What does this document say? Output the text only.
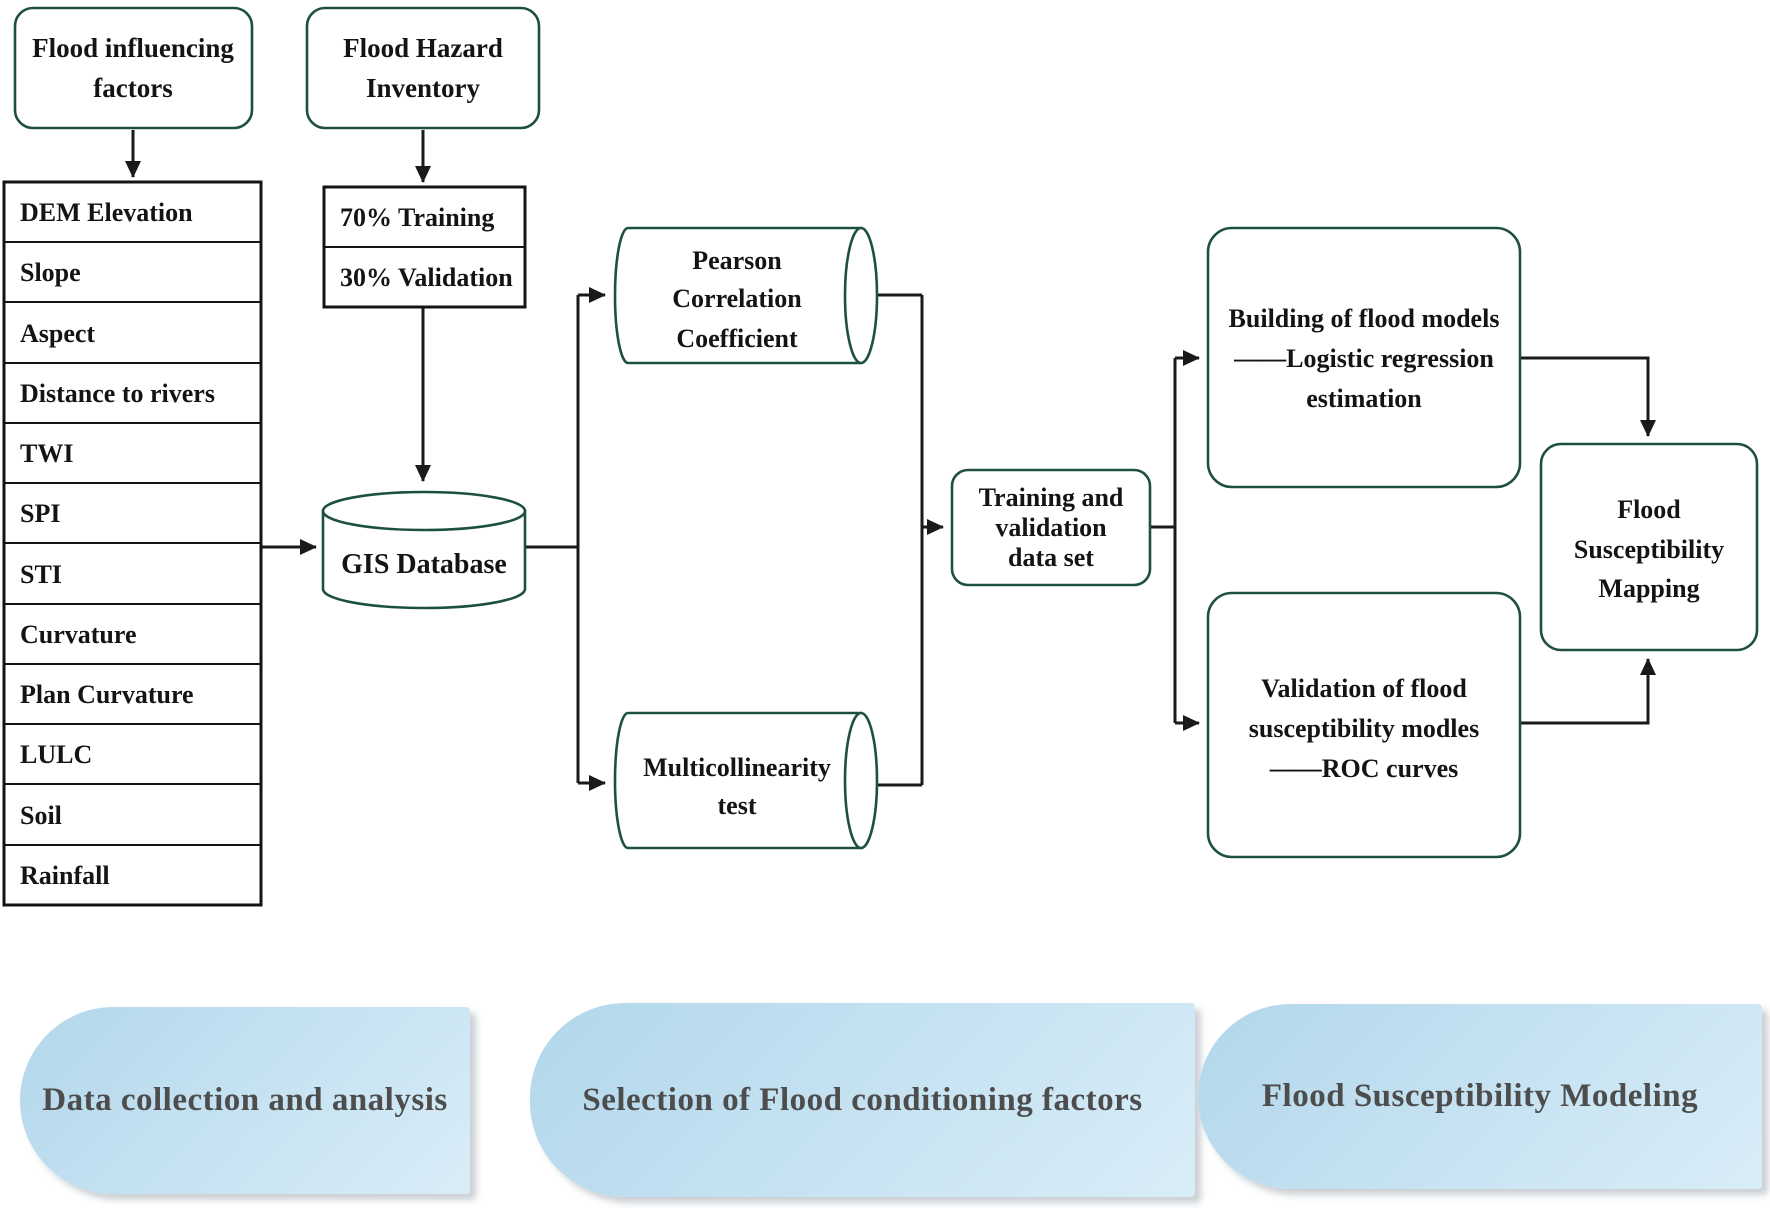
Flood influencing
factors
Flood Hazard
Inventory
70% Training
30% Validation
DEM Elevation
Slope
Aspect
Distance to rivers
TWI
SPI
STI
Curvature
Plan Curvature
LULC
Soil
Rainfall
GIS Database
Pearson
Correlation
Coefficient
Multicollinearity
test
Training and
validation
data set
Building of flood models
——Logistic regression
estimation
Validation of flood
susceptibility modles
——ROC curves
Flood
Susceptibility
Mapping
Data collection and analysis	Selection of Flood conditioning factors	Flood Susceptibility Modeling
